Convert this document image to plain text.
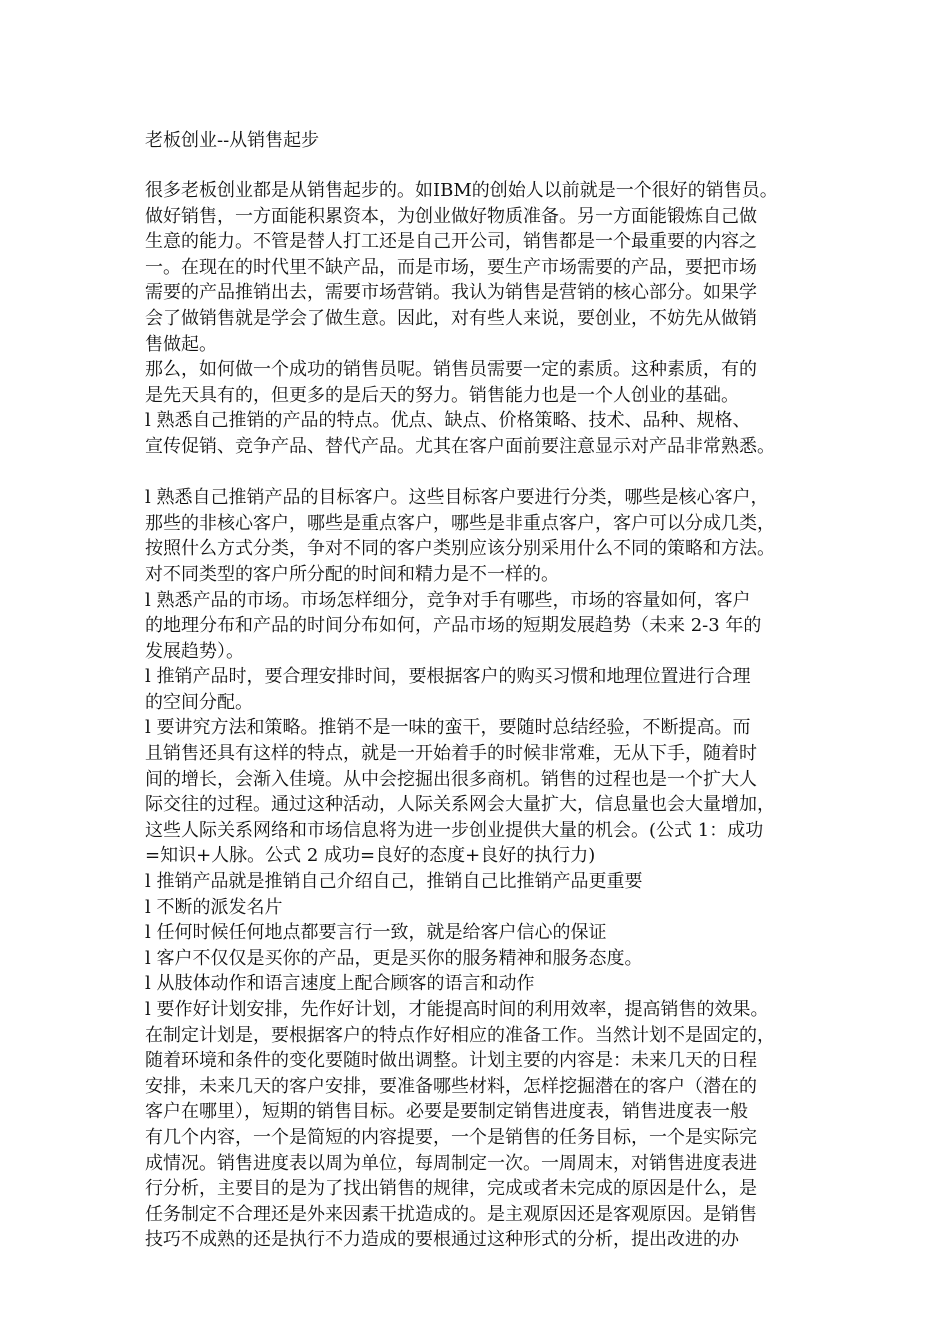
老板创业--从销售起步

很多老板创业都是从销售起步的。如IBM的创始人以前就是一个很好的销售员。

做好销售，一方面能积累资本，为创业做好物质准备。另一方面能锻炼自己做

生意的能力。不管是替人打工还是自己开公司，销售都是一个最重要的内容之

一。在现在的时代里不缺产品，而是市场，要生产市场需要的产品，要把市场

需要的产品推销出去，需要市场营销。我认为销售是营销的核心部分。如果学

会了做销售就是学会了做生意。因此，对有些人来说，要创业，不妨先从做销

售做起。

那么，如何做一个成功的销售员呢。销售员需要一定的素质。这种素质，有的

是先天具有的，但更多的是后天的努力。销售能力也是一个人创业的基础。

l 熟悉自己推销的产品的特点。优点、缺点、价格策略、技术、品种、规格、

宣传促销、竞争产品、替代产品。尤其在客户面前要注意显示对产品非常熟悉。

l 熟悉自己推销产品的目标客户。这些目标客户要进行分类，哪些是核心客户，

那些的非核心客户，哪些是重点客户，哪些是非重点客户，客户可以分成几类，

按照什么方式分类，争对不同的客户类别应该分别采用什么不同的策略和方法。

对不同类型的客户所分配的时间和精力是不一样的。

l 熟悉产品的市场。市场怎样细分，竞争对手有哪些，市场的容量如何，客户

的地理分布和产品的时间分布如何，产品市场的短期发展趋势（未来 2-3 年的

发展趋势）。

l 推销产品时，要合理安排时间，要根据客户的购买习惯和地理位置进行合理

的空间分配。

l 要讲究方法和策略。推销不是一味的蛮干，要随时总结经验，不断提高。而

且销售还具有这样的特点，就是一开始着手的时候非常难，无从下手，随着时

间的增长，会渐入佳境。从中会挖掘出很多商机。销售的过程也是一个扩大人

际交往的过程。通过这种活动，人际关系网会大量扩大，信息量也会大量增加，

这些人际关系网络和市场信息将为进一步创业提供大量的机会。(公式 1：成功

=知识+人脉。公式 2 成功=良好的态度+良好的执行力)

l 推销产品就是推销自己介绍自己，推销自己比推销产品更重要

l 不断的派发名片

l 任何时候任何地点都要言行一致，就是给客户信心的保证

l 客户不仅仅是买你的产品，更是买你的服务精神和服务态度。

l 从肢体动作和语言速度上配合顾客的语言和动作

l 要作好计划安排，先作好计划，才能提高时间的利用效率，提高销售的效果。

在制定计划是，要根据客户的特点作好相应的准备工作。当然计划不是固定的，

随着环境和条件的变化要随时做出调整。计划主要的内容是：未来几天的日程

安排，未来几天的客户安排，要准备哪些材料，怎样挖掘潜在的客户（潜在的

客户在哪里），短期的销售目标。必要是要制定销售进度表，销售进度表一般

有几个内容，一个是简短的内容提要，一个是销售的任务目标，一个是实际完

成情况。销售进度表以周为单位，每周制定一次。一周周末，对销售进度表进

行分析，主要目的是为了找出销售的规律，完成或者未完成的原因是什么，是

任务制定不合理还是外来因素干扰造成的。是主观原因还是客观原因。是销售

技巧不成熟的还是执行不力造成的要根通过这种形式的分析，提出改进的办
